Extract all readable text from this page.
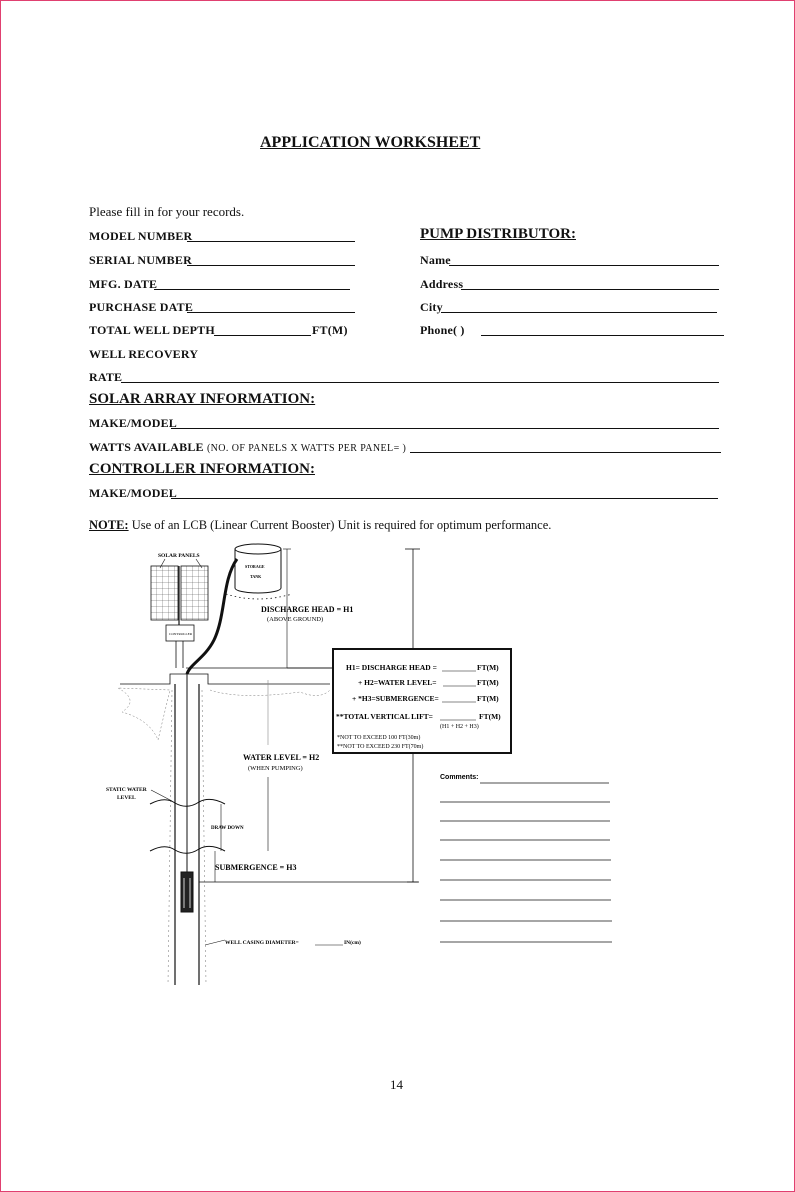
APPLICATION WORKSHEET
Please fill in for your records.
MODEL NUMBER
SERIAL NUMBER
MFG. DATE
PURCHASE DATE
TOTAL WELL DEPTH	FT(M)
WELL RECOVERY
RATE
PUMP DISTRIBUTOR:
Name
Address
City
Phone( )
SOLAR ARRAY INFORMATION:
MAKE/MODEL
WATTS AVAILABLE (NO. OF PANELS X WATTS PER PANEL= )
CONTROLLER INFORMATION:
MAKE/MODEL
NOTE: Use of an LCB (Linear Current Booster) Unit is required for optimum performance.
SOLAR PANELS
CONTROLLER
STORAGE
TANK
DISCHARGE HEAD = H1
(ABOVE GROUND)
STATIC WATER
LEVEL
DRAW DOWN
WATER LEVEL = H2
(WHEN PUMPING)
SUBMERGENCE = H3
WELL CASING DIAMETER=	IN(cm)
H1= DISCHARGE HEAD =	FT(M)
+ H2=WATER LEVEL=	FT(M)
+ *H3=SUBMERGENCE=	FT(M)
**TOTAL VERTICAL LIFT=	FT(M)
(H1 + H2 + H3)
*NOT TO EXCEED 100 FT(30m)
**NOT TO EXCEED 230 FT(70m)
Comments:
14
